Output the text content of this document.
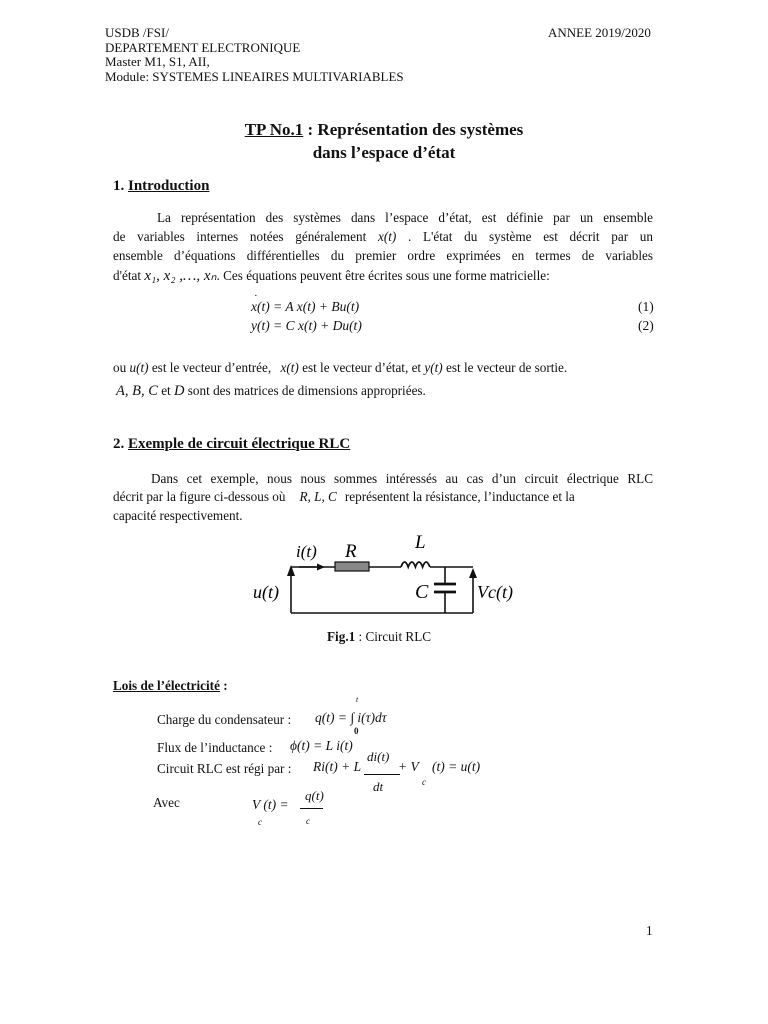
USDB /FSI/
DEPARTEMENT ELECTRONIQUE
Master M1, S1, AII,
Module: SYSTEMES LINEAIRES MULTIVARIABLES
ANNEE 2019/2020
TP No.1 : Représentation des systèmes
dans l’espace d’état
1. Introduction
La représentation des systèmes dans l’espace d’état, est définie par un ensemble
de variables internes notées généralement x(t) . L'état du système est décrit par un
ensemble d’équations différentielles du premier ordre exprimées en termes de variables
d'état x₁, x₂ ,…, xₙ. Ces équations peuvent être écrites sous une forme matricielle:
·
x(t) = A x(t) + Bu(t)	(1)
y(t) = C x(t) + Du(t)	(2)
ou u(t) est le vecteur d’entrée, x(t) est le vecteur d’état, et y(t) est le vecteur de sortie.
A, B, C et D sont des matrices de dimensions appropriées.
2. Exemple de circuit électrique RLC
Dans cet exemple, nous nous sommes intéressés au cas d’un circuit électrique RLC
décrit par la figure ci-dessous où R, L, C représentent la résistance, l’inductance et la
capacité respectivement.
i(t) R	L
C
u(t)	Vc(t)
Fig.1 : Circuit RLC
Lois de l’électricité :
Charge du condensateur :
t
0
q(t) = ∫ i(τ)dτ
Flux de l’inductance : ϕ(t) = L i(t)
di(t)
Circuit RLC est régi par : Ri(t) + L	+ V (t) = u(t)
c
dt
Avec	q(t)
V (t) =
c	c
1
